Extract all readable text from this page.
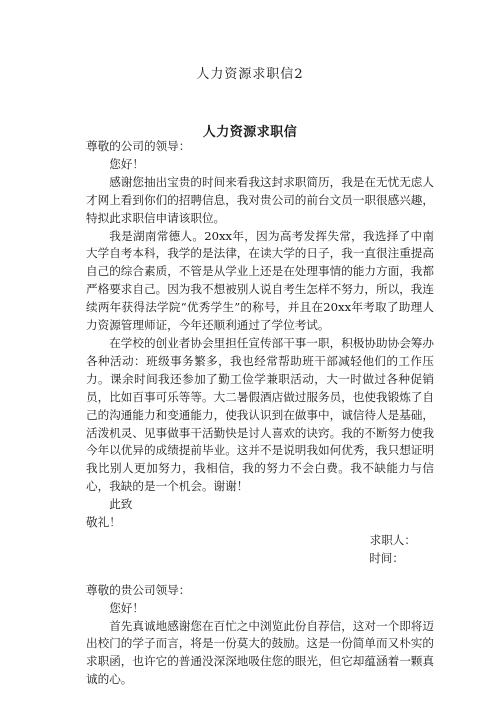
人力资源求职信2
人力资源求职信

尊敬的公司的领导：

您好！

感谢您抽出宝贵的时间来看我这封求职简历，我是在无忧无虑人才网上看到你们的招聘信息，我对贵公司的前台文员一职很感兴趣，特拟此求职信申请该职位。

我是湖南常德人。20xx年，因为高考发挥失常，我选择了中南大学自考本科，我学的是法律，在读大学的日子，我一直很注重提高自己的综合素质，不管是从学业上还是在处理事情的能力方面，我都严格要求自己。因为我不想被别人说自考生怎样不努力，所以，我连续两年获得法学院“优秀学生”的称号，并且在20xx年考取了助理人力资源管理师证，今年还顺利通过了学位考试。

在学校的创业者协会里担任宣传部干事一职，积极协助协会筹办各种活动：班级事务繁多，我也经常帮助班干部减轻他们的工作压力。课余时间我还参加了勤工俭学兼职活动，大一时做过各种促销员，比如百事可乐等等。大二暑假酒店做过服务员，也使我锻炼了自己的沟通能力和变通能力，使我认识到在做事中，诚信待人是基础，活泼机灵、见事做事干活勤快是讨人喜欢的诀窍。我的不断努力使我今年以优异的成绩提前毕业。这并不是说明我如何优秀，我只想证明我比别人更加努力，我相信，我的努力不会白费。我不缺能力与信心，我缺的是一个机会。谢谢！

此致

敬礼！

求职人：

时间：

尊敬的贵公司领导：

您好！

首先真诚地感谢您在百忙之中浏览此份自荐信，这对一个即将迈出校门的学子而言，将是一份莫大的鼓励。这是一份简单而又朴实的求职函，也许它的普通没深深地吸住您的眼光，但它却蕴涵着一颗真诚的心。
